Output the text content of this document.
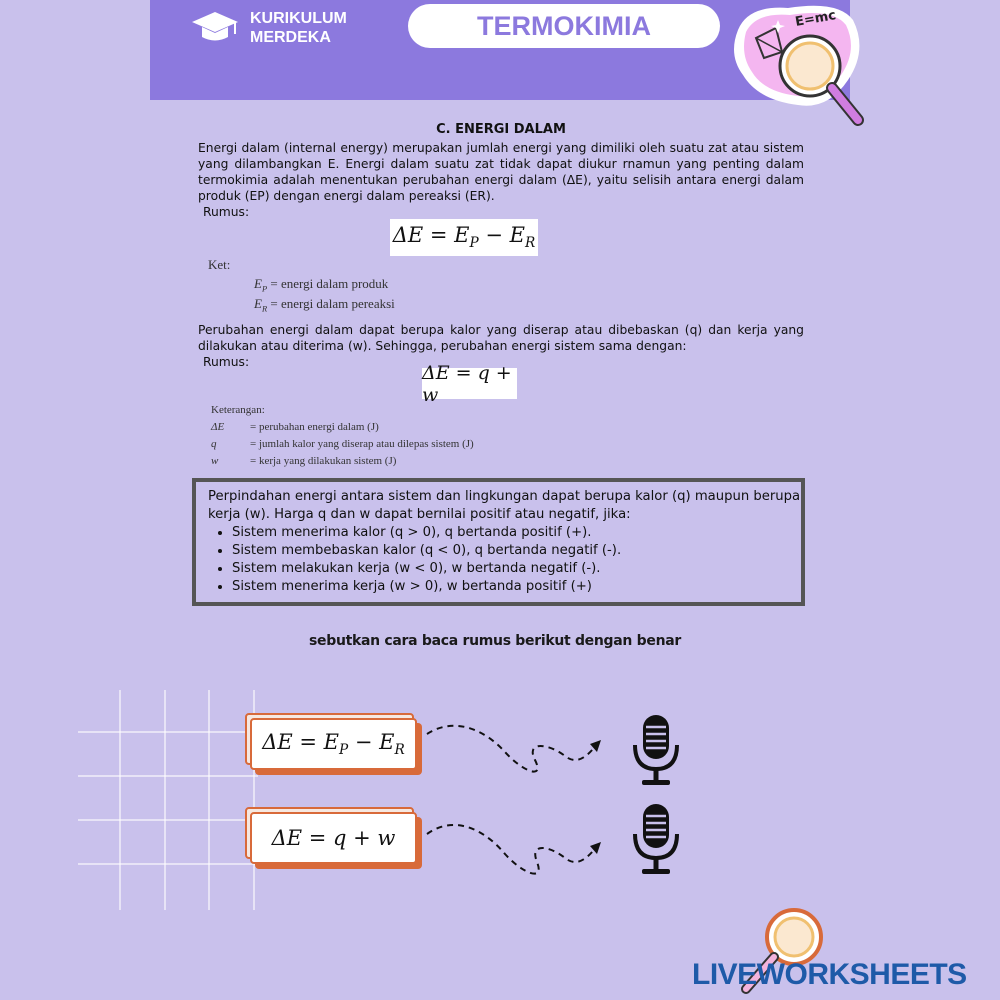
KURIKULUM
MERDEKA	TERMOKIMIA	E=mc
C. ENERGI DALAM
Energi dalam (internal energy) merupakan jumlah energi yang dimiliki oleh suatu zat atau sistem yang dilambangkan E. Energi dalam suatu zat tidak dapat diukur rnamun yang penting dalam termokimia adalah menentukan perubahan energi dalam (ΔE), yaitu selisih antara energi dalam produk (EP) dengan energi dalam pereaksi (ER).
Rumus:
$\Delta E = E_P - E_R$
Ket:
$E_P$ = energi dalam produk
$E_R$ = energi dalam pereaksi
Perubahan energi dalam dapat berupa kalor yang diserap atau dibebaskan (q) dan kerja yang dilakukan atau diterima (w). Sehingga, perubahan energi sistem sama dengan:
Rumus:	ΔE = q + w
Keterangan:
ΔE = perubahan energi dalam (J)
q	= jumlah kalor yang diserap atau dilepas sistem (J)
w	= kerja yang dilakukan sistem (J)
Perpindahan energi antara sistem dan lingkungan dapat berupa kalor (q) maupun berupa kerja (w). Harga q dan w dapat bernilai positif atau negatif, jika:
• Sistem menerima kalor (q > 0), q bertanda positif (+).
• Sistem membebaskan kalor (q < 0), q bertanda negatif (-).
• Sistem melakukan kerja (w < 0), w bertanda negatif (-).
• Sistem menerima kerja (w > 0), w bertanda positif (+)
sebutkan cara baca rumus berikut dengan benar
$\Delta E = E_P - E_R$
ΔE = q + w
LIVEWORKSHEETS
